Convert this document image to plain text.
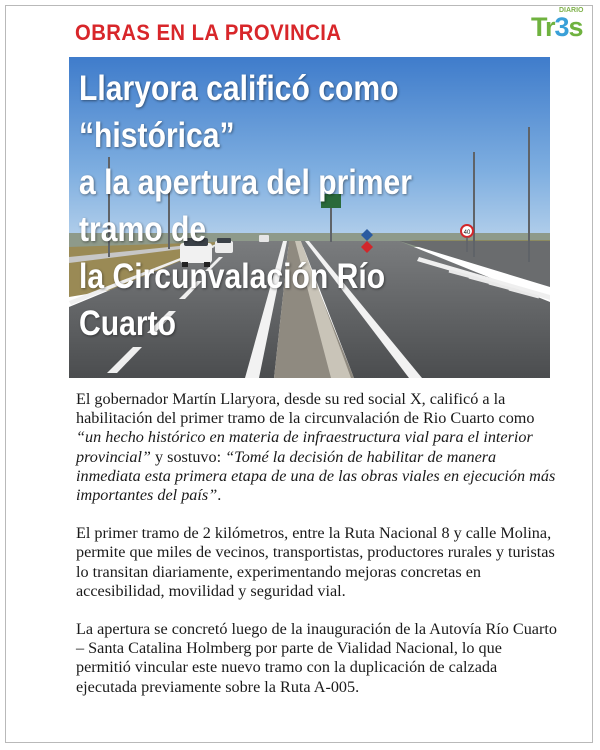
OBRAS EN LA PROVINCIA
DIARIO
Tr3s
40
Llaryora calificó como “histórica”
a la apertura del primer tramo de
la Circunvalación Río Cuarto

El gobernador Martín Llaryora, desde su red social X, calificó a la habilitación del primer tramo de la circunvalación de Rio Cuarto como “un hecho histórico en materia de infraestructura vial para el interior provincial” y sostuvo: “Tomé la decisión de habilitar de manera inmediata esta primera etapa de una de las obras viales en ejecución más importantes del país”.

El primer tramo de 2 kilómetros, entre la Ruta Nacional 8 y calle Molina, permite que miles de vecinos, transportistas, productores rurales y turistas lo transitan diariamente, experimentando mejoras concretas en accesibilidad, movilidad y seguridad vial.

La apertura se concretó luego de la inauguración de la Autovía Río Cuarto – Santa Catalina Holmberg por parte de Vialidad Nacional, lo que permitió vincular este nuevo tramo con la duplicación de calzada ejecutada previamente sobre la Ruta A-005.
